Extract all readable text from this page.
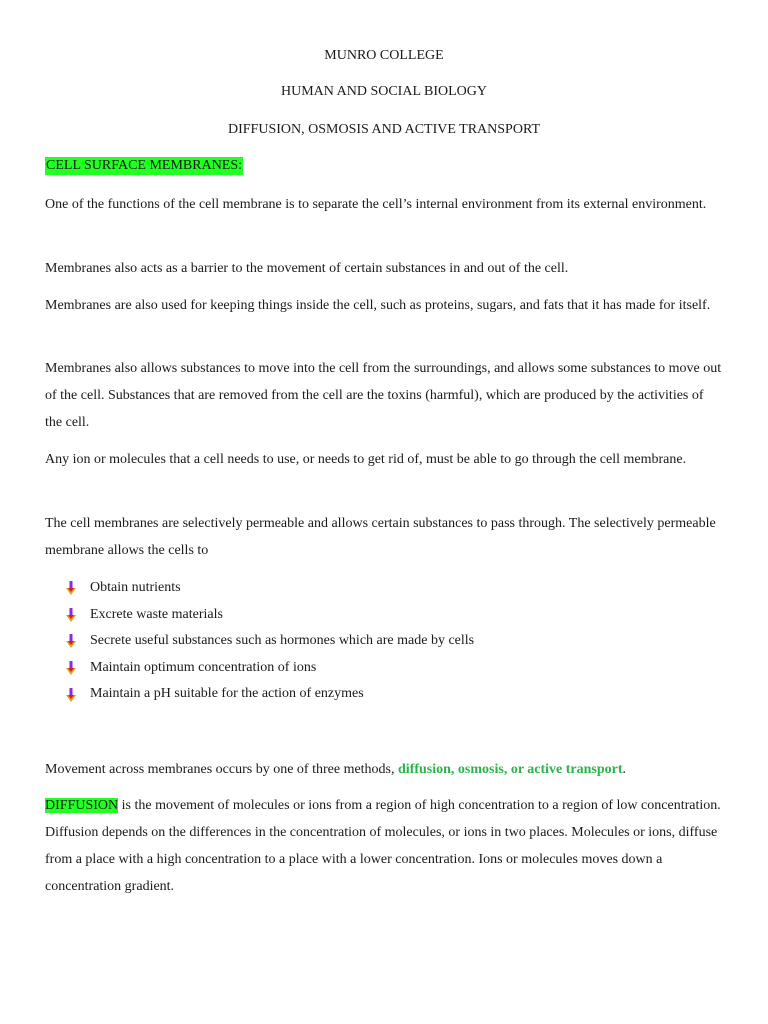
MUNRO COLLEGE
HUMAN AND SOCIAL BIOLOGY
DIFFUSION, OSMOSIS AND ACTIVE TRANSPORT
CELL SURFACE MEMBRANES:

One of the functions of the cell membrane is to separate the cell’s internal environment from its external environment.

Membranes also acts as a barrier to the movement of certain substances in and out of the cell.

Membranes are also used for keeping things inside the cell, such as proteins, sugars, and fats that it has made for itself.

Membranes also allows substances to move into the cell from the surroundings, and allows some substances to move out of the cell. Substances that are removed from the cell are the toxins (harmful), which are produced by the activities of the cell.

Any ion or molecules that a cell needs to use, or needs to get rid of, must be able to go through the cell membrane.

The cell membranes are selectively permeable and allows certain substances to pass through. The selectively permeable membrane allows the cells to

Obtain nutrients
Excrete waste materials
Secrete useful substances such as hormones which are made by cells
Maintain optimum concentration of ions
Maintain a pH suitable for the action of enzymes

Movement across membranes occurs by one of three methods, diffusion, osmosis, or active transport.

DIFFUSION is the movement of molecules or ions from a region of high concentration to a region of low concentration. Diffusion depends on the differences in the concentration of molecules, or ions in two places. Molecules or ions, diffuse from a place with a high concentration to a place with a lower concentration. Ions or molecules moves down a concentration gradient.
